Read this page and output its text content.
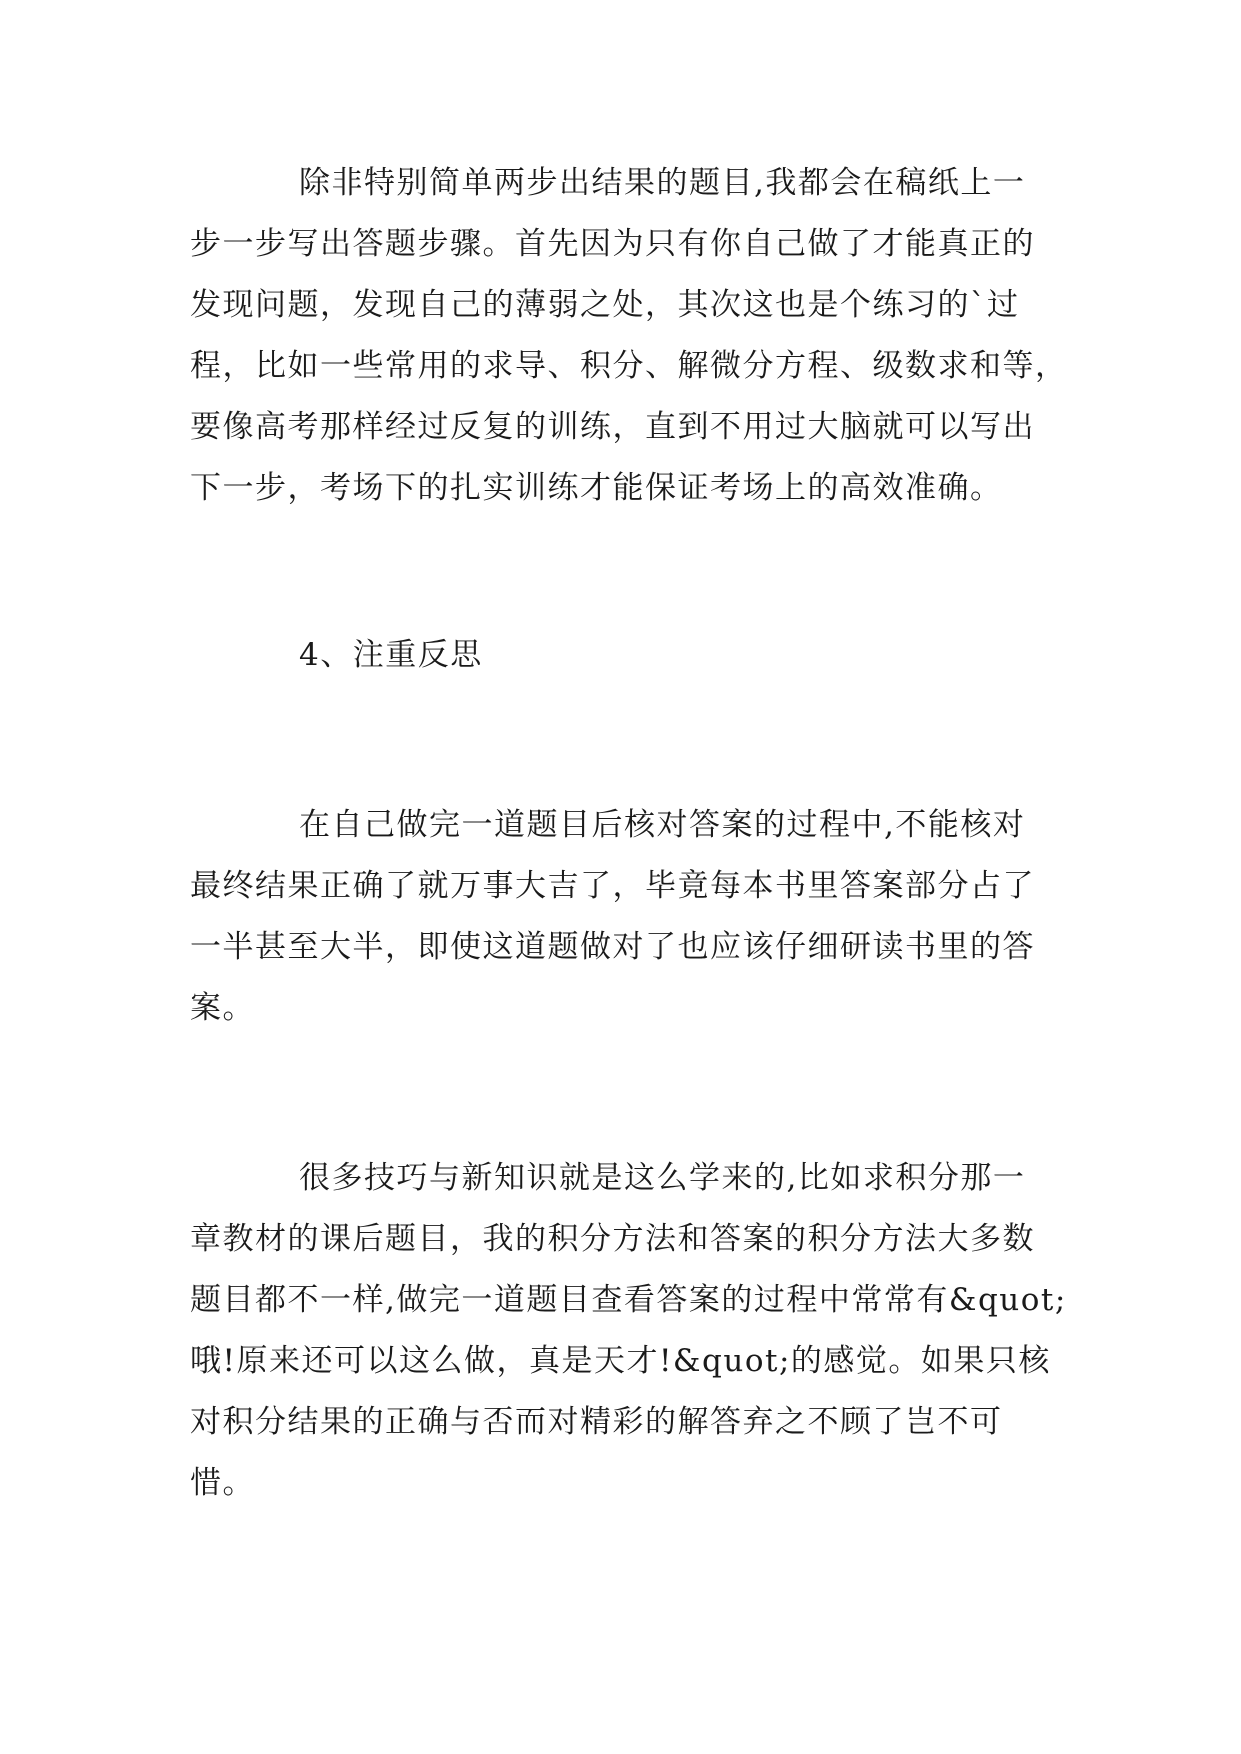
除非特别简单两步出结果的题目,我都会在稿纸上一
步一步写出答题步骤。首先因为只有你自己做了才能真正的
发现问题，发现自己的薄弱之处，其次这也是个练习的`过
程，比如一些常用的求导、积分、解微分方程、级数求和等，
要像高考那样经过反复的训练，直到不用过大脑就可以写出
下一步，考场下的扎实训练才能保证考场上的高效准确。
4、注重反思
在自己做完一道题目后核对答案的过程中,不能核对
最终结果正确了就万事大吉了，毕竟每本书里答案部分占了
一半甚至大半，即使这道题做对了也应该仔细研读书里的答
案。
很多技巧与新知识就是这么学来的,比如求积分那一
章教材的课后题目，我的积分方法和答案的积分方法大多数
题目都不一样,做完一道题目查看答案的过程中常常有&quot;
哦!原来还可以这么做，真是天才!&quot;的感觉。如果只核
对积分结果的正确与否而对精彩的解答弃之不顾了岂不可
惜。
